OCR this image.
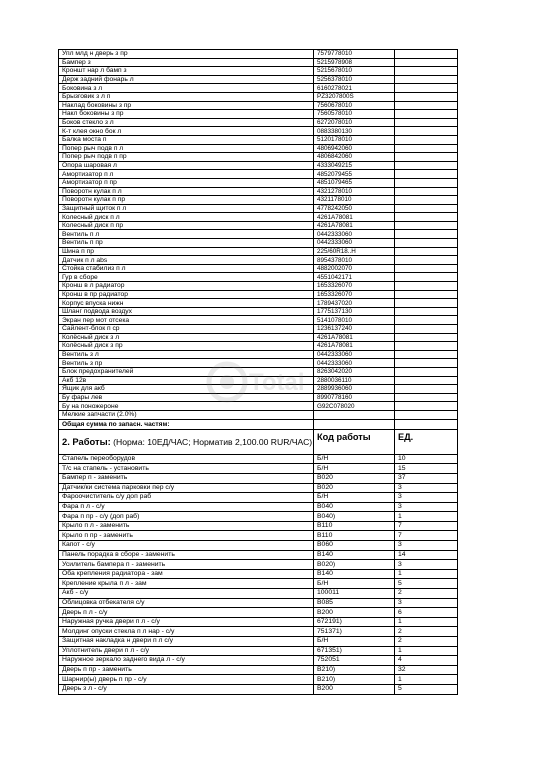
Упл млд н дверь з пр	7579778010	
Бампер з	5215978908	
Кроншт нар л бамп з	5215678010	
Держ задний фонарь л	5256378010	
Боковина з л	6160278021	
Брызговик з л п	PZ3207800S	
Наклад боковины з пр	7560678010	
Накл боковины з пр	7560578010	
Боков стекло з л	6272078010	
К-т клея окно бок л	0883380130	
Балка моста п	5120178010	
Попер рыч подв п л	4806942060	
Попер рыч подв п пр	4806842060	
Опора шаровая л	4333049215	
Амортизатор п л	4852079455	
Амортизатор п пр	4851079465	
Поворотн кулак п л	4321278010	
Поворотн кулак п пр	4321178010	
Защитный щиток п л	4778242050	
Колесный диск п л	4261A78081	
Колесный диск п пр	4261A78081	
Вентиль п л	0442333060	
Вентиль п пр	0442333060	
Шина п пр	225/60R18..H	
Датчик п л abs	8954378010	
Стойка стабилиз п л	4882002070	
Гур в сборе	4551042171	
Кронш в л радиатор	1653326070	
Кронш в пр радиатор	1653326070	
Корпус впуска нижн	1789437020	
Шланг подвода воздух	1775137130	
Экран пер мот отсека	5141078010	
Сайлент-блок п ср	1236137240	
Колёсный диск з л	4261A78081	
Колёсный диск з пр	4261A78081	
Вентиль з л	0442333060	
Вентиль з пр	0442333060	
Блок предохранителей	8263042020	
Акб 12в	2880036110	
Ящик для акб	2889936060	
Бу фары лев	8990778160	
Бу на поножероне	G92C078020	
Мелкие запчасти (2.0%)		
Общая сумма по запасн. частям:		
2. Работы: (Норма: 10ЕД/ЧАС; Норматив 2,100.00 RUR/ЧАС)	Код работы	ЕД.
Стапель переоборудов	Б/Н	10
Т/с на стапель - установить	Б/Н	15
Бампер п - заменить	B020	37
Датчик/ки система парковки пер с/у	B020	3
Фароочиститель с/у доп раб	Б/Н	3
Фара п л - с/у	B040	3
Фара п пр - с/у (доп раб)	B040)	1
Крыло п л - заменить	B110	7
Крыло п пр - заменить	B110	7
Капот - с/у	B060	3
Панель порадка в сборе - заменить	B140	14
Усилитель бампера п - заменить	B020)	3
Оба крепления радиатора - зам	B140	1
Крепление крыла п л - зам	Б/Н	5
Акб - с/у	100011	2
Облицовка отбекателя с/у	B085	3
Дверь п л - с/у	B200	6
Наружная ручка двери п л - с/у	672191)	1
Молдинг опуски стекла п л нар - с/у	751371)	2
Защитная накладка н двери п л с/у	Б/Н	2
Уплотнитель двери п л - с/у	671351)	1
Наружное зеркало заднего вида л - с/у	752051	4
Дверь п пр - заменить	B210)	32
Шарнир(ы) дверь п пр - с/у	B210)	1
Дверь з л - с/у	B200	5
Total
